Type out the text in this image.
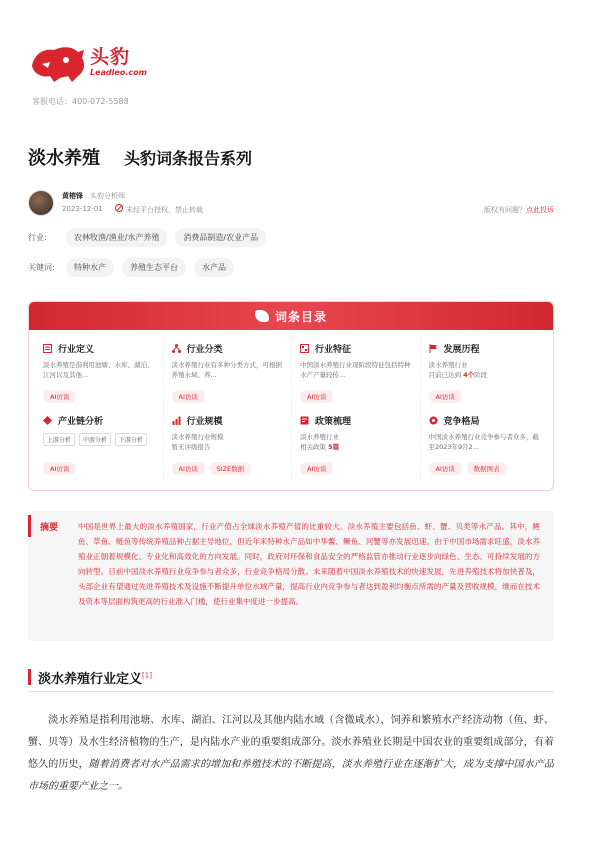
头豹
Leadleo.com
客服电话：400-072-5588
淡水养殖 头豹词条报告系列
黄榕锋 头豹分析师
2023-12-01	未经平台授权，禁止转载	版权有问题？点此投诉
行业:	农林牧渔/渔业/水产养殖	消费品制造/农业产品
关键词:	特种水产	养殖生态平台	水产品
词条目录
行业定义
淡水养殖是指利用池塘、水库、湖泊、江河以及其他...
AI访谈
行业分类
淡水养殖行业有多种分类方式，可根据养殖水域、养...
AI访谈
行业特征
中国淡水养殖行业现阶段特征包括特种水产产量较传...
AI访谈
发展历程
淡水养殖行业
目前已达到 4个阶段
AI访谈
产业链分析
上游分析	中游分析	下游分析
AI访谈
行业规模
淡水养殖行业规模
暂无评级报告
AI访谈	SIZE数据
政策梳理
淡水养殖行业
相关政策 5篇
AI访谈
竞争格局
中国淡水养殖行业竞争参与者众多，截至2023年9月2...
AI访谈	数据图表
摘要	中国是世界上最大的淡水养殖国家，行业产值占全球淡水养殖产值的比重较大。淡水养殖主要包括鱼、虾、蟹、贝类等水产品。其中，鲤鱼、草鱼、鲢鱼等传统养殖品种占据主导地位，但近年来特种水产品如中华鳖、鳜鱼、河蟹等亦发展迅速。由于中国市场需求旺盛，淡水养殖业正朝着规模化、专业化和高效化的方向发展。同时，政府对环保和食品安全的严格监管亦推动行业逐步向绿色、生态、可持续发展的方向转型。目前中国淡水养殖行业竞争参与者众多，行业竞争格局分散。未来随着中国淡水养殖技术的快速发展，先进养殖技术将加快普及，头部企业有望通过先进养殖技术及设施不断提升单位水域产量，提高行业内竞争参与者达到盈利均衡点所需的产量及营收规模，继而在技术及资本等层面构筑更高的行业准入门槛，使行业集中度进一步提高。
淡水养殖行业定义[1]
淡水养殖是指利用池塘、水库、湖泊、江河以及其他内陆水域（含微咸水），饲养和繁殖水产经济动物（鱼、虾、蟹、贝等）及水生经济植物的生产，是内陆水产业的重要组成部分。淡水养殖业长期是中国农业的重要组成部分，有着悠久的历史，随着消费者对水产品需求的增加和养殖技术的不断提高，淡水养殖行业在逐渐扩大，成为支撑中国水产品市场的重要产业之一。
